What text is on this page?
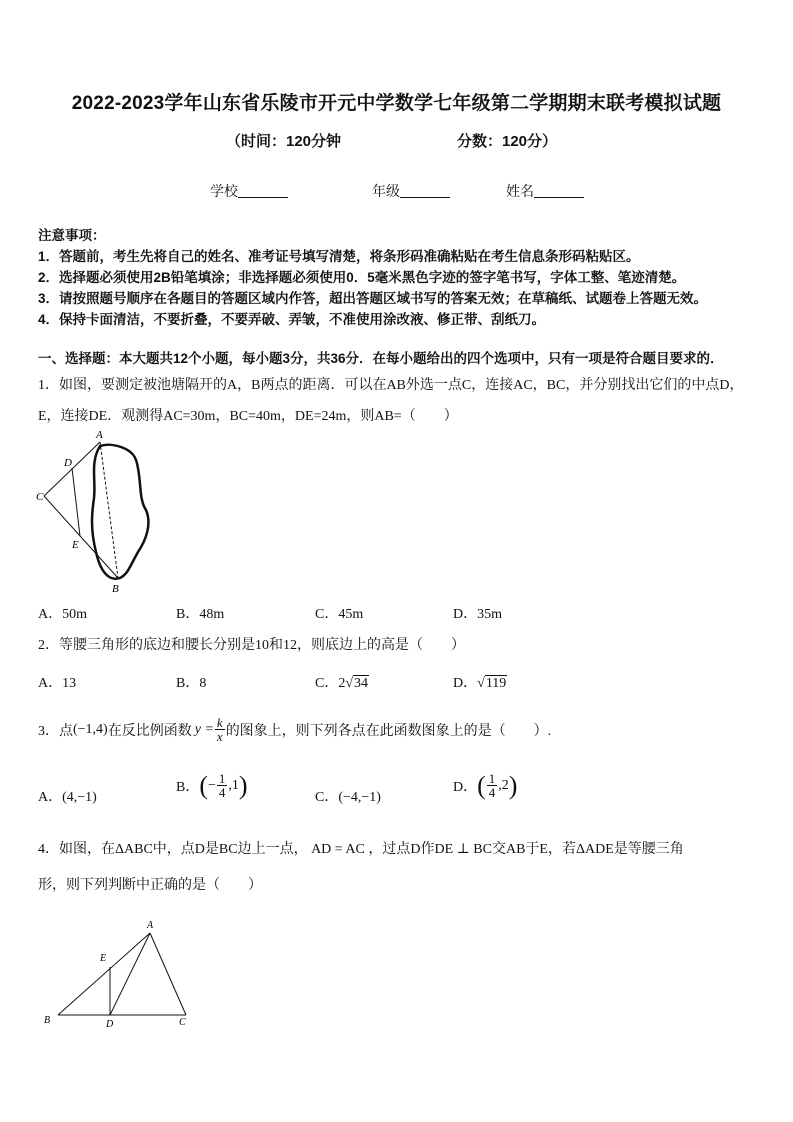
2022-2023学年山东省乐陵市开元中学数学七年级第二学期期末联考模拟试题
（时间：120分钟	分数：120分）
学校	年级	姓名
注意事项：
1．答题前，考生先将自己的姓名、准考证号填写清楚，将条形码准确粘贴在考生信息条形码粘贴区。
2．选择题必须使用2B铅笔填涂；非选择题必须使用0．5毫米黑色字迹的签字笔书写，字体工整、笔迹清楚。
3．请按照题号顺序在各题目的答题区域内作答，超出答题区域书写的答案无效；在草稿纸、试题卷上答题无效。
4．保持卡面清洁，不要折叠，不要弄破、弄皱，不准使用涂改液、修正带、刮纸刀。
一、选择题：本大题共12个小题，每小题3分，共36分．在每小题给出的四个选项中，只有一项是符合题目要求的．
1．如图，要测定被池塘隔开的A，B两点的距离．可以在AB外选一点C，连接AC，BC，并分别找出它们的中点D，
E，连接DE．观测得AC=30m，BC=40m，DE=24m，则AB=（　　）
A
B
C
D
E
A．50m	B．48m	C．45m	D．35m
2．等腰三角形的底边和腰长分别是10和12，则底边上的高是（　　）
A．13	B．8	C．2√34	D．√119
3．点 (−1,4) 在反比例函数 $y = \frac{k}{x}$ 的图象上，则下列各点在此函数图象上的是（　　）.
A．(4,−1)
B． ( − $\frac{1}{4} ,1$ )	C．(−4,−1)
D． ( $\frac{1}{4} ,2$ )
4．如图，在ΔABC中，点D是BC边上一点， AD = AC ，过点D作DE ⊥ BC交AB于E，若ΔADE是等腰三角
形，则下列判断中正确的是（　　）
A
B	C
D
E
